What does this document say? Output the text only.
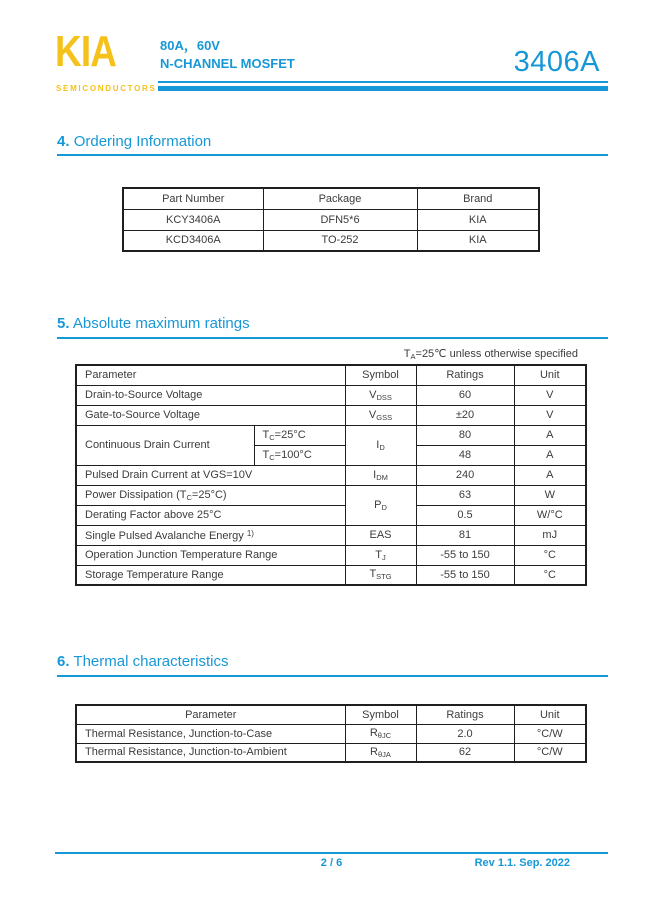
KIA
SEMICONDUCTORS
80A，60V
N-CHANNEL MOSFET	3406A
4. Ordering Information
Part Number	Package	Brand
KCY3406A	DFN5*6	KIA
KCD3406A	TO-252	KIA
5. Absolute maximum ratings
$T_A=25℃$ unless otherwise specified
Parameter		Symbol	Ratings	Unit
Drain-to-Source Voltage		$V_{DSS}$	60	V
Gate-to-Source Voltage		$V_{GSS}$	±20	V
Continuous Drain Current	$T_C=25^\circ C$	$I_D$	80	A
	$T_C=100^\circ C$		48	A
Pulsed Drain Current at VGS=10V		$I_{DM}$	240	A
Power Dissipation $(T_C=25^\circ C)$		$P_D$	63	W
Derating Factor above 25°C			0.5	W/°C
Single Pulsed Avalanche Energy $^{1)}$		EAS	81	mJ
Operation Junction Temperature Range		$T_J$	-55 to 150	°C
Storage Temperature Range		$T_{STG}$	-55 to 150	°C
6. Thermal characteristics
Parameter	Symbol	Ratings	Unit
Thermal Resistance, Junction-to-Case	$R_{\theta JC}$	2.0	°C/W
Thermal Resistance, Junction-to-Ambient	$R_{\theta JA}$	62	°C/W
2 / 6	Rev 1.1. Sep. 2022
